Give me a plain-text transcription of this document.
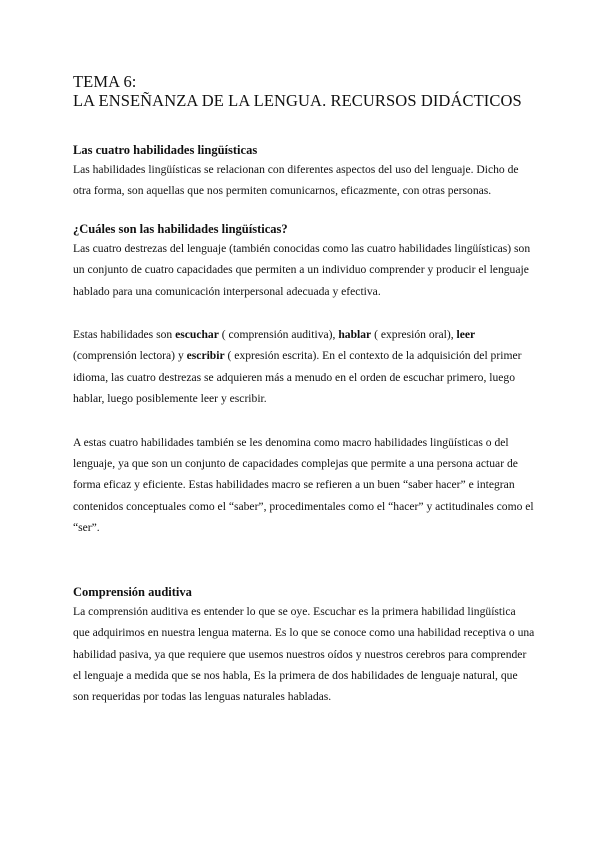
TEMA 6:
LA ENSEÑANZA DE LA LENGUA. RECURSOS DIDÁCTICOS
Las cuatro habilidades lingüísticas

Las habilidades lingüísticas se relacionan con diferentes aspectos del uso del lenguaje. Dicho de otra forma, son aquellas que nos permiten comunicarnos, eficazmente, con otras personas.

¿Cuáles son las habilidades lingüísticas?

Las cuatro destrezas del lenguaje (también conocidas como las cuatro habilidades lingüísticas) son un conjunto de cuatro capacidades que permiten a un individuo comprender y producir el lenguaje hablado para una comunicación interpersonal adecuada y efectiva.

Estas habilidades son escuchar ( comprensión auditiva), hablar ( expresión oral), leer (comprensión lectora) y escribir ( expresión escrita). En el contexto de la adquisición del primer idioma, las cuatro destrezas se adquieren más a menudo en el orden de escuchar primero, luego hablar, luego posiblemente leer y escribir.

A estas cuatro habilidades también se les denomina como macro habilidades lingüísticas o del lenguaje, ya que son un conjunto de capacidades complejas que permite a una persona actuar de forma eficaz y eficiente. Estas habilidades macro se refieren a un buen “saber hacer” e integran contenidos conceptuales como el “saber”, procedimentales como el “hacer” y actitudinales como el “ser”.

Comprensión auditiva

La comprensión auditiva es entender lo que se oye. Escuchar es la primera habilidad lingüística que adquirimos en nuestra lengua materna. Es lo que se conoce como una habilidad receptiva o una habilidad pasiva, ya que requiere que usemos nuestros oídos y nuestros cerebros para comprender el lenguaje a medida que se nos habla, Es la primera de dos habilidades de lenguaje natural, que son requeridas por todas las lenguas naturales habladas.
